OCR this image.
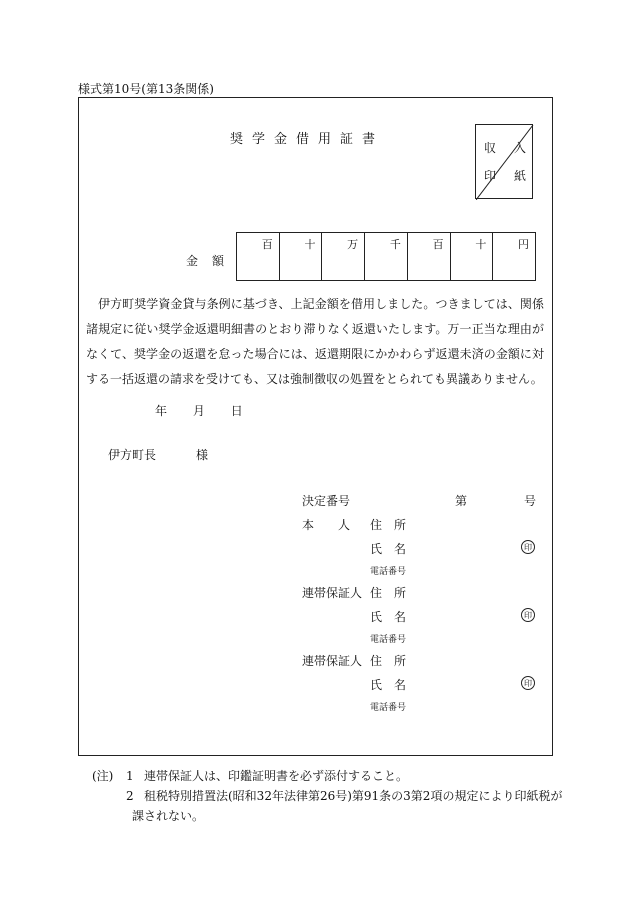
様式第10号(第13条関係)
奨学金借用証書
収 入
印 紙
金額
百	十	万	千	百	十	円
伊方町奨学資金貸与条例に基づき、上記金額を借用しました。つきましては、関係諸規定に従い奨学金返還明細書のとおり滞りなく返還いたします。万一正当な理由がなくて、奨学金の返還を怠った場合には、返還期限にかかわらず返還未済の金額に対する一括返還の請求を受けても、又は強制徴収の処置をとられても異議ありません。
年 月 日
伊方町長	様
決定番号	第	号
本　　人 住　所
氏　名	印
電話番号
連帯保証人 住　所
氏　名	印
電話番号
連帯保証人 住　所
氏　名	印
電話番号
(注) 1 連帯保証人は、印鑑証明書を必ず添付すること。
2 租税特別措置法(昭和32年法律第26号)第91条の3第2項の規定により印紙税が
課されない。
